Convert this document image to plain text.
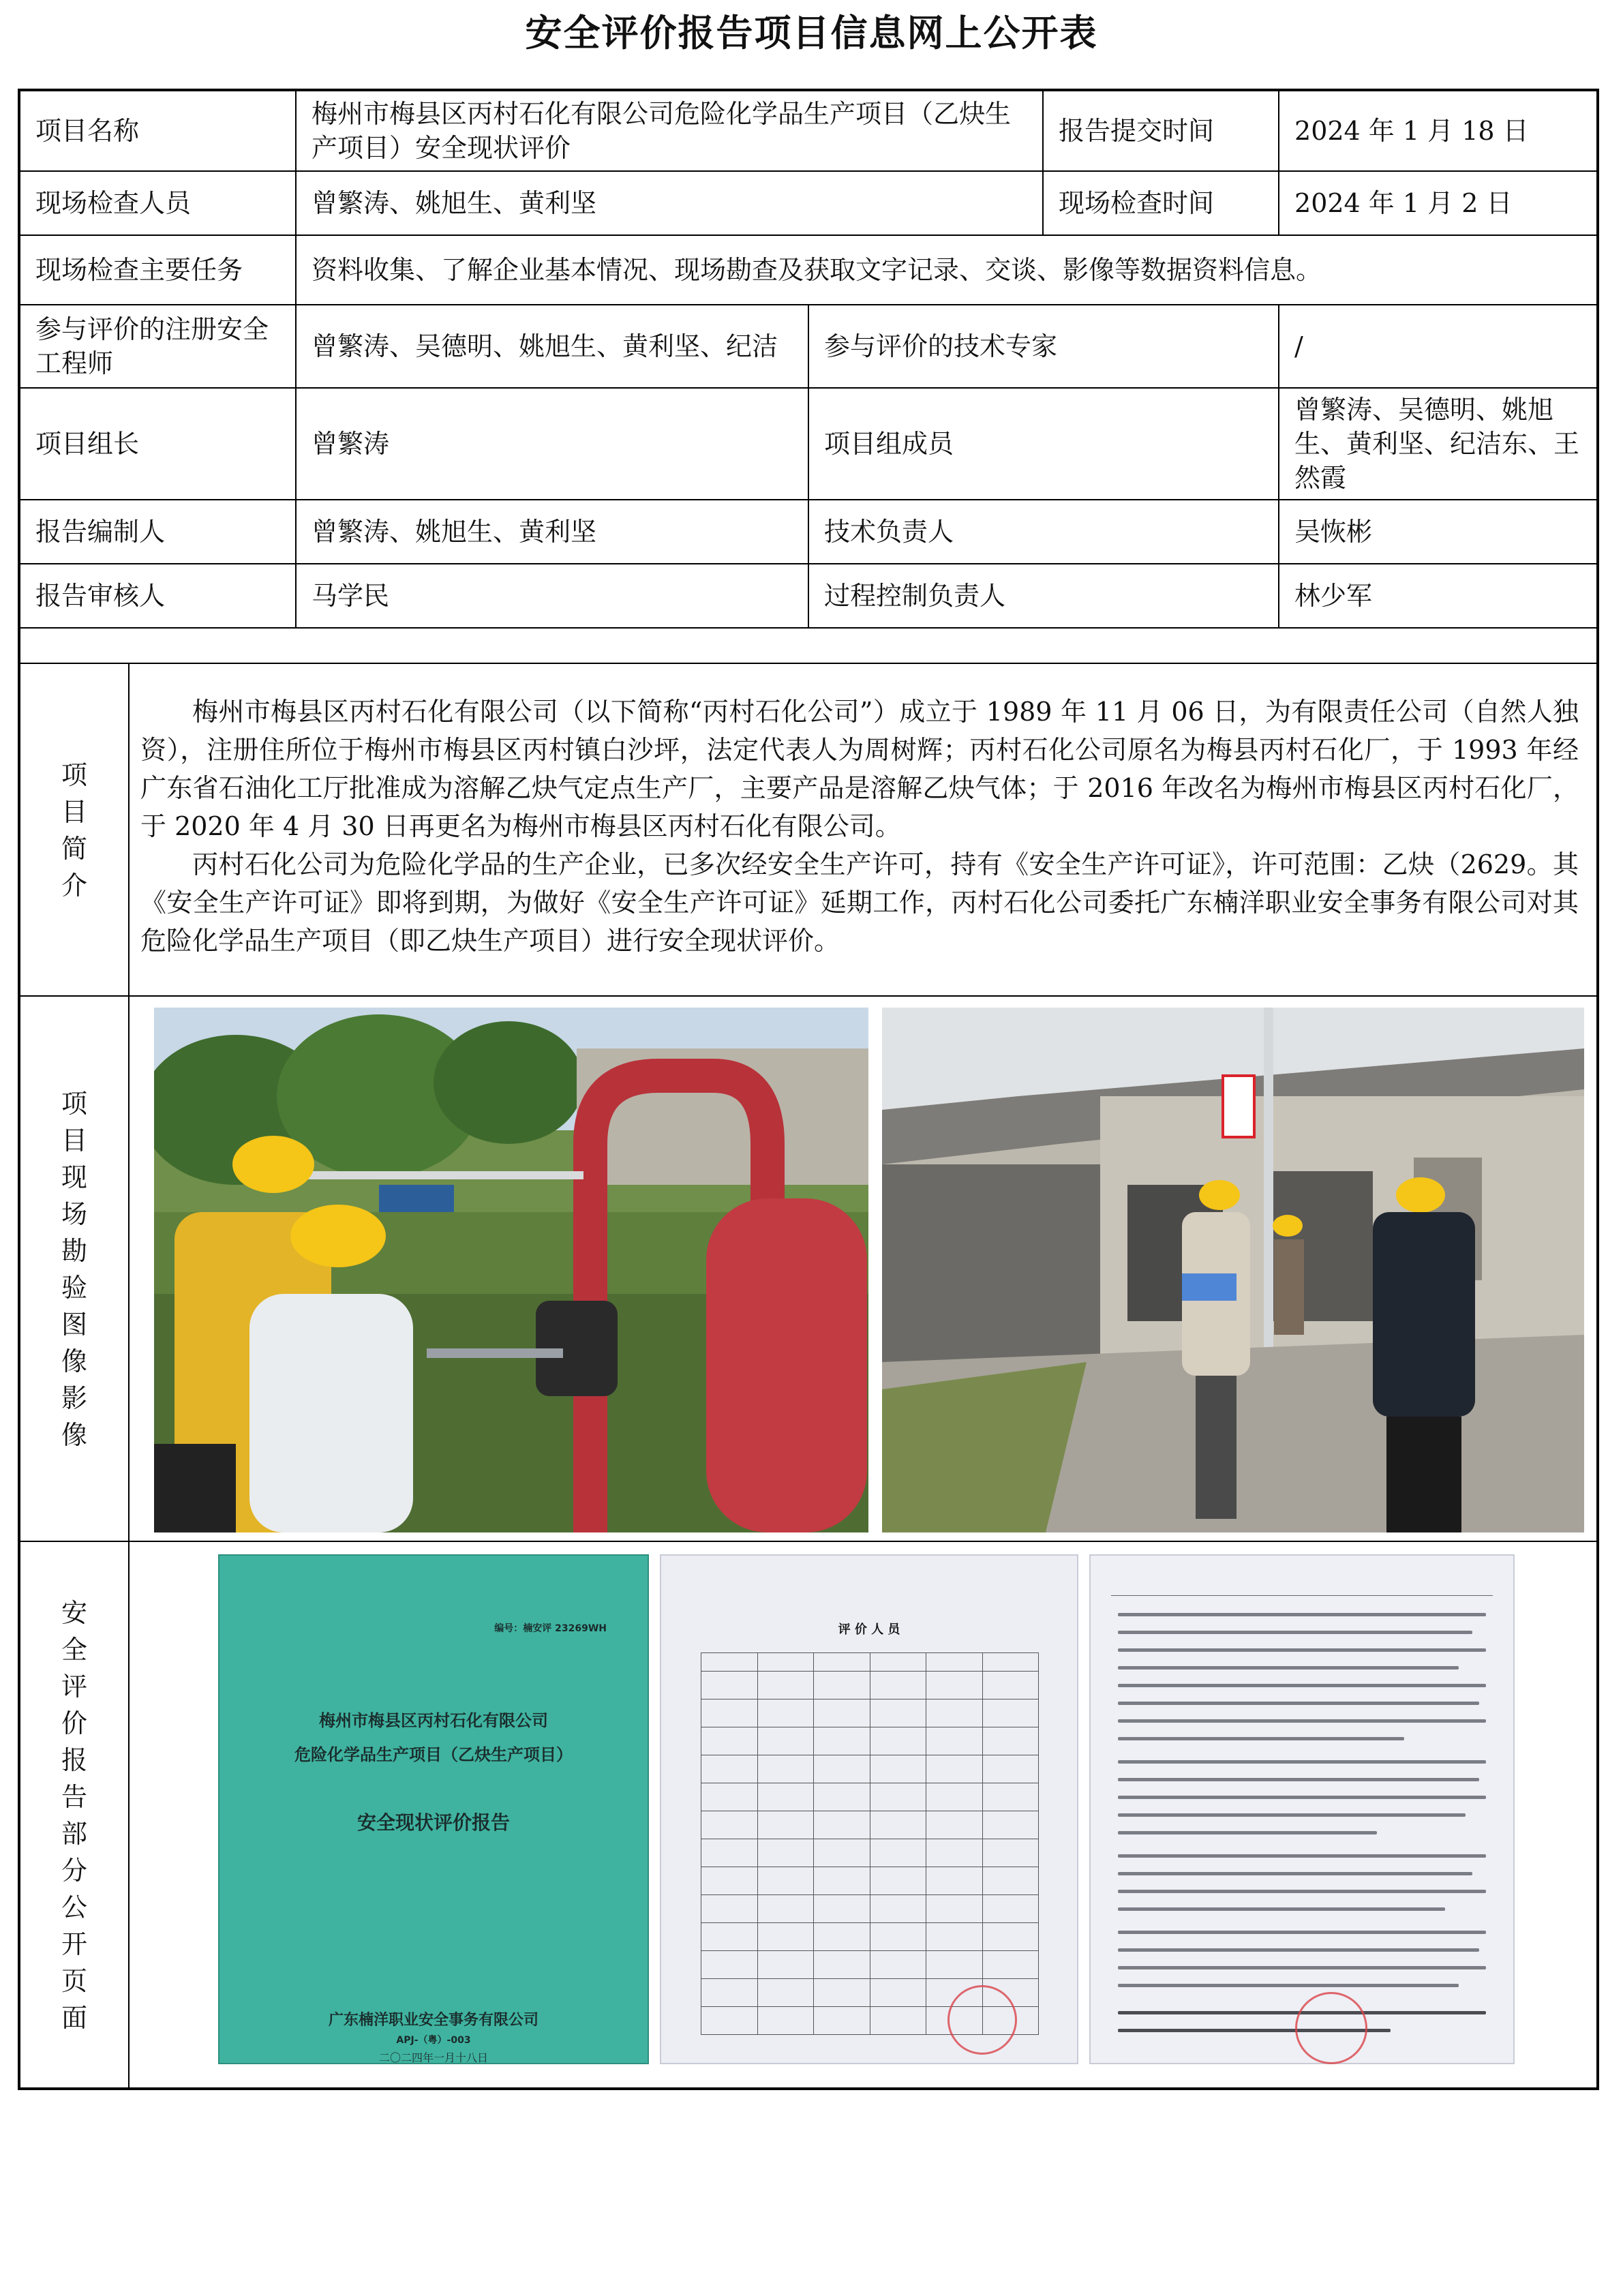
安全评价报告项目信息网上公开表
项目名称	梅州市梅县区丙村石化有限公司危险化学品生产项目（乙炔生产项目）安全现状评价		报告提交时间	2024 年 1 月 18 日
现场检查人员	曾繁涛、姚旭生、黄利坚		现场检查时间	2024 年 1 月 2 日
现场检查主要任务	资料收集、了解企业基本情况、现场勘查及获取文字记录、交谈、影像等数据资料信息。			
参与评价的注册安全工程师	曾繁涛、吴德明、姚旭生、黄利坚、纪洁	参与评价的技术专家		/
项目组长	曾繁涛	项目组成员		曾繁涛、吴德明、姚旭生、黄利坚、纪洁东、王然霞
报告编制人	曾繁涛、姚旭生、黄利坚	技术负责人		吴恢彬
报告审核人	马学民	过程控制负责人		林少军
项目简介

梅州市梅县区丙村石化有限公司（以下简称“丙村石化公司”）成立于 1989 年 11 月 06 日，为有限责任公司（自然人独资），注册住所位于梅州市梅县区丙村镇白沙坪，法定代表人为周树辉；丙村石化公司原名为梅县丙村石化厂，于 1993 年经广东省石油化工厅批准成为溶解乙炔气定点生产厂，主要产品是溶解乙炔气体；于 2016 年改名为梅州市梅县区丙村石化厂，于 2020 年 4 月 30 日再更名为梅州市梅县区丙村石化有限公司。

丙村石化公司为危险化学品的生产企业，已多次经安全生产许可，持有《安全生产许可证》，许可范围：乙炔（2629。其《安全生产许可证》即将到期，为做好《安全生产许可证》延期工作，丙村石化公司委托广东楠洋职业安全事务有限公司对其危险化学品生产项目（即乙炔生产项目）进行安全现状评价。

项目现场勘验图像影像
安全评价报告部分公开页面
编号：楠安评 23269WH
梅州市梅县区丙村石化有限公司
危险化学品生产项目（乙炔生产项目）
安全现状评价报告
广东楠洋职业安全事务有限公司
APJ-（粤）-003
二〇二四年一月十八日
评 价 人 员
